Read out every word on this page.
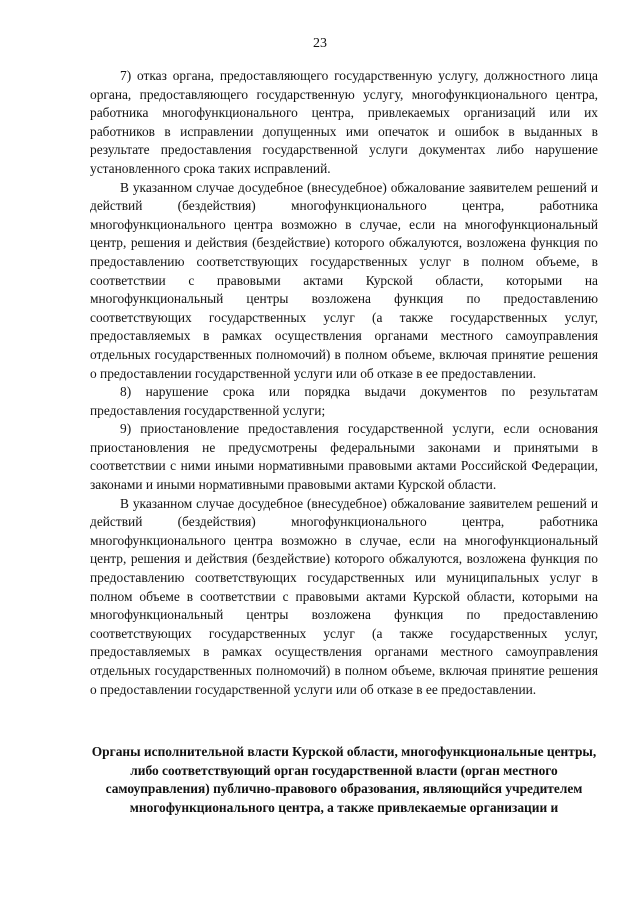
23

7) отказ органа, предоставляющего государственную услугу, должностного лица органа, предоставляющего государственную услугу, многофункционального центра, работника многофункционального центра, привлекаемых организаций или их работников в исправлении допущенных ими опечаток и ошибок в выданных в результате предоставления государственной услуги документах либо нарушение установленного срока таких исправлений.

В указанном случае досудебное (внесудебное) обжалование заявителем решений и действий (бездействия) многофункционального центра, работника многофункционального центра возможно в случае, если на многофункциональный центр, решения и действия (бездействие) которого обжалуются, возложена функция по предоставлению соответствующих государственных услуг в полном объеме, в соответствии с правовыми актами Курской области, которыми на многофункциональный центры возложена функция по предоставлению соответствующих государственных услуг (а также государственных услуг, предоставляемых в рамках осуществления органами местного самоуправления отдельных государственных полномочий) в полном объеме, включая принятие решения о предоставлении государственной услуги или об отказе в ее предоставлении.

8) нарушение срока или порядка выдачи документов по результатам предоставления государственной услуги;

9) приостановление предоставления государственной услуги, если основания приостановления не предусмотрены федеральными законами и принятыми в соответствии с ними иными нормативными правовыми актами Российской Федерации, законами и иными нормативными правовыми актами Курской области.

В указанном случае досудебное (внесудебное) обжалование заявителем решений и действий (бездействия) многофункционального центра, работника многофункционального центра возможно в случае, если на многофункциональный центр, решения и действия (бездействие) которого обжалуются, возложена функция по предоставлению соответствующих государственных или муниципальных услуг в полном объеме в соответствии с правовыми актами Курской области, которыми на многофункциональный центры возложена функция по предоставлению соответствующих государственных услуг (а также государственных услуг, предоставляемых в рамках осуществления органами местного самоуправления отдельных государственных полномочий) в полном объеме, включая принятие решения о предоставлении государственной услуги или об отказе в ее предоставлении.

Органы исполнительной власти Курской области, многофункциональные центры, либо соответствующий орган государственной власти (орган местного самоуправления) публично-правового образования, являющийся учредителем многофункционального центра, а также привлекаемые организации и
